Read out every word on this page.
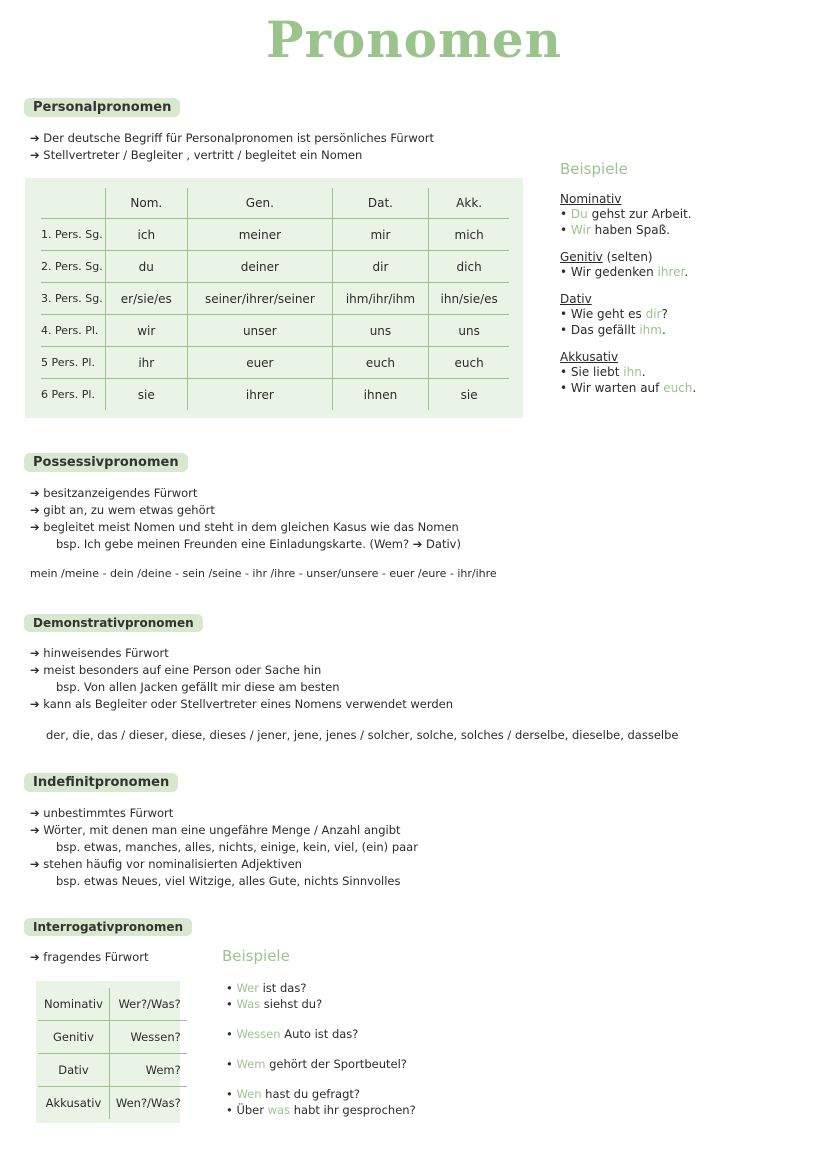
Pronomen
Personalpronomen
➔ Der deutsche Begriff für Personalpronomen ist persönliches Fürwort
➔ Stellvertreter / Begleiter , vertritt / begleitet ein Nomen
	Nom.	Gen.	Dat.	Akk.
1. Pers. Sg.	ich	meiner	mir	mich
2. Pers. Sg.	du	deiner	dir	dich
3. Pers. Sg.	er/sie/es	seiner/ihrer/seiner	ihm/ihr/ihm	ihn/sie/es
4. Pers. Pl.	wir	unser	uns	uns
5 Pers. Pl.	ihr	euer	euch	euch
6 Pers. Pl.	sie	ihrer	ihnen	sie
Beispiele
Nominativ
• Du gehst zur Arbeit.
• Wir haben Spaß.
Genitiv (selten)
• Wir gedenken ihrer.
Dativ
• Wie geht es dir?
• Das gefällt ihm.
Akkusativ
• Sie liebt ihn.
• Wir warten auf euch.
Possessivpronomen
➔ besitzanzeigendes Fürwort
➔ gibt an, zu wem etwas gehört
➔ begleitet meist Nomen und steht in dem gleichen Kasus wie das Nomen
bsp. Ich gebe meinen Freunden eine Einladungskarte. (Wem? ➔ Dativ)
mein /meine - dein /deine - sein /seine - ihr /ihre - unser/unsere - euer /eure - ihr/ihre
Demonstrativpronomen
➔ hinweisendes Fürwort
➔ meist besonders auf eine Person oder Sache hin
bsp. Von allen Jacken gefällt mir diese am besten
➔ kann als Begleiter oder Stellvertreter eines Nomens verwendet werden
der, die, das / dieser, diese, dieses / jener, jene, jenes / solcher, solche, solches / derselbe, dieselbe, dasselbe
Indefinitpronomen
➔ unbestimmtes Fürwort
➔ Wörter, mit denen man eine ungefähre Menge / Anzahl angibt
bsp. etwas, manches, alles, nichts, einige, kein, viel, (ein) paar
➔ stehen häufig vor nominalisierten Adjektiven
bsp. etwas Neues, viel Witzige, alles Gute, nichts Sinnvolles
Interrogativpronomen
➔ fragendes Fürwort
Nominativ	Wer?/Was?
Genitiv	Wessen?
Dativ	Wem?
Akkusativ	Wen?/Was?
Beispiele
• Wer ist das?
• Was siehst du?
• Wessen Auto ist das?
• Wem gehört der Sportbeutel?
• Wen hast du gefragt?
• Über was habt ihr gesprochen?
